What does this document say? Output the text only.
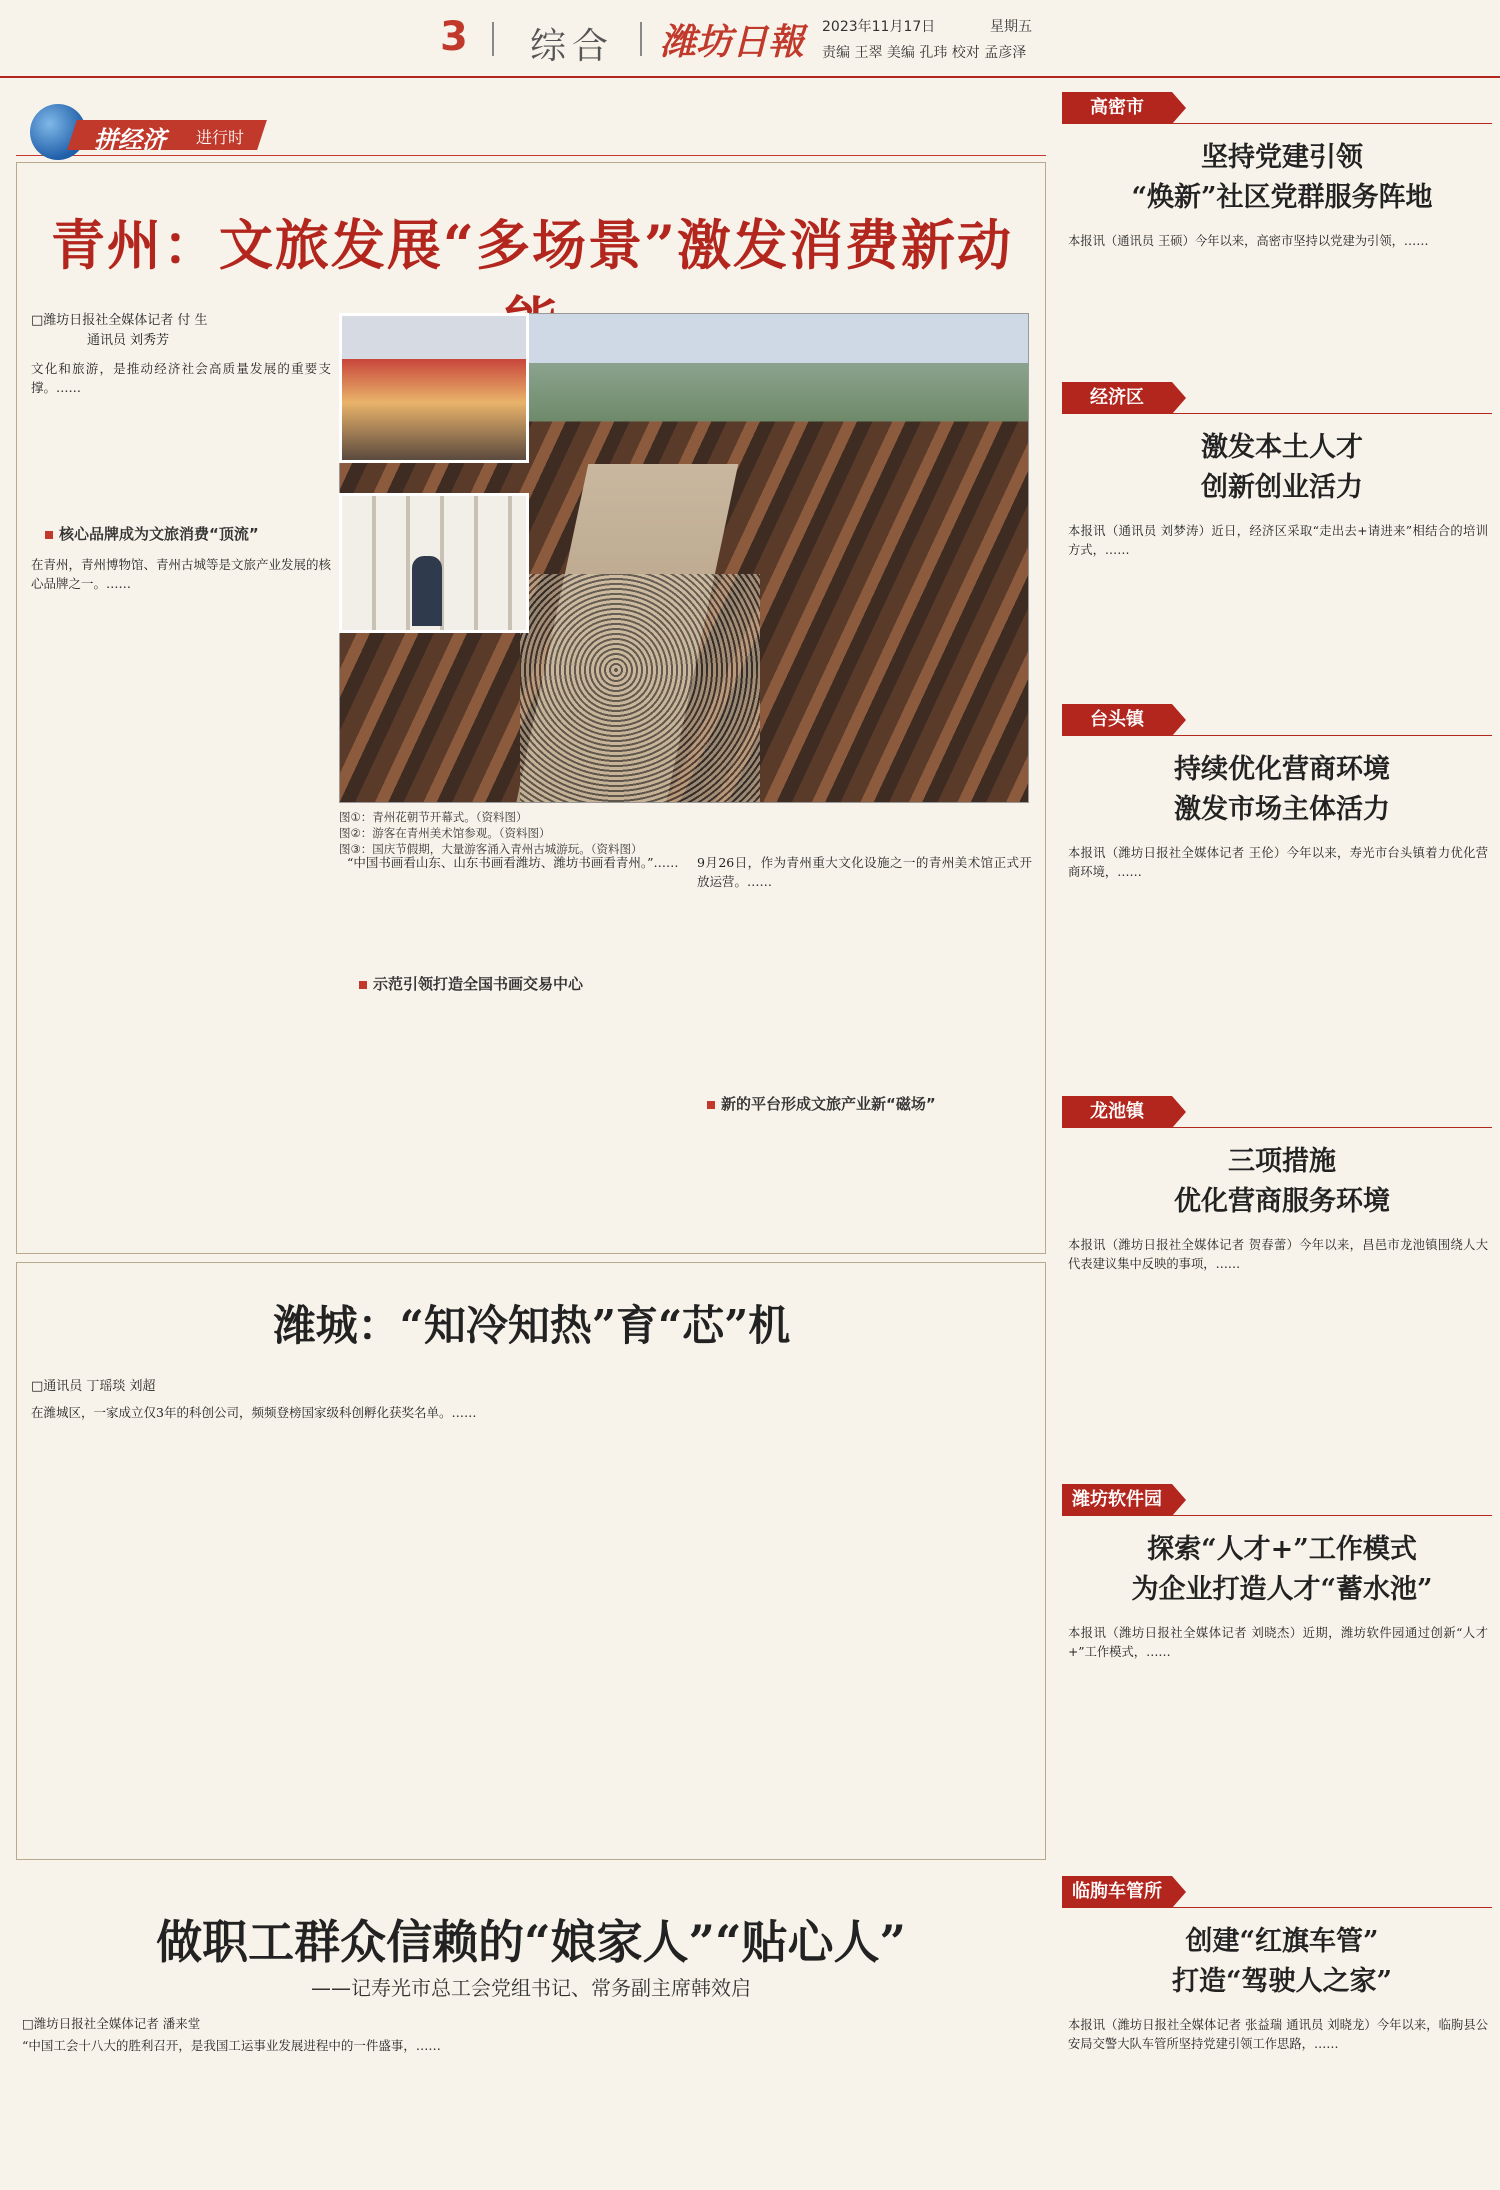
3 综合 潍坊日報 2023年11月17日	星期五
责编 王翠 美编 孔玮 校对 孟彦泽
拼经济 进行时
青州：文旅发展“多场景”激发消费新动
□潍坊日报社全媒体记者 付 生
通讯员 刘秀芳
文化和旅游，是推动经济社会高质量发展的重要支撑。……
核心品牌成为文旅消费“顶流”
在青州，青州博物馆、青州古城等是文旅产业发展的核心品牌之一。……
图①：青州花朝节开幕式。（资料图）
图②：游客在青州美术馆参观。（资料图）
图③：国庆节假期，大量游客涌入青州古城游玩。（资料图）
示范引领打造全国书画交易中心
“中国书画看山东、山东书画看潍坊、潍坊书画看青州。”……
新的平台形成文旅产业新“磁场”
9月26日，作为青州重大文化设施之一的青州美术馆正式开放运营。……
潍城：“知冷知热”育“芯”机
□通讯员 丁瑶琰 刘超
在潍城区，一家成立仅3年的科创公司，频频登榜国家级科创孵化获奖名单。……
做职工群众信赖的“娘家人”“贴心人”
——记寿光市总工会党组书记、常务副主席韩效启
□潍坊日报社全媒体记者 潘来堂
“中国工会十八大的胜利召开，是我国工运事业发展进程中的一件盛事，……
高密市
坚持党建引领
“焕新”社区党群服务阵地
本报讯（通讯员 王硕）今年以来，高密市坚持以党建为引领，……
经济区
激发本土人才
创新创业活力
本报讯（通讯员 刘梦涛）近日，经济区采取“走出去+请进来”相结合的培训方式，……
台头镇
持续优化营商环境
激发市场主体活力
本报讯（潍坊日报社全媒体记者 王伦）今年以来，寿光市台头镇着力优化营商环境，……
龙池镇
三项措施
优化营商服务环境
本报讯（潍坊日报社全媒体记者 贺春蕾）今年以来，昌邑市龙池镇围绕人大代表建议集中反映的事项，……
潍坊软件园
探索“人才+”工作模式
为企业打造人才“蓄水池”
本报讯（潍坊日报社全媒体记者 刘晓杰）近期，潍坊软件园通过创新“人才+”工作模式，……
临朐车管所
创建“红旗车管”
打造“驾驶人之家”
本报讯（潍坊日报社全媒体记者 张益瑞 通讯员 刘晓龙）今年以来，临朐县公安局交警大队车管所坚持党建引领工作思路，……
